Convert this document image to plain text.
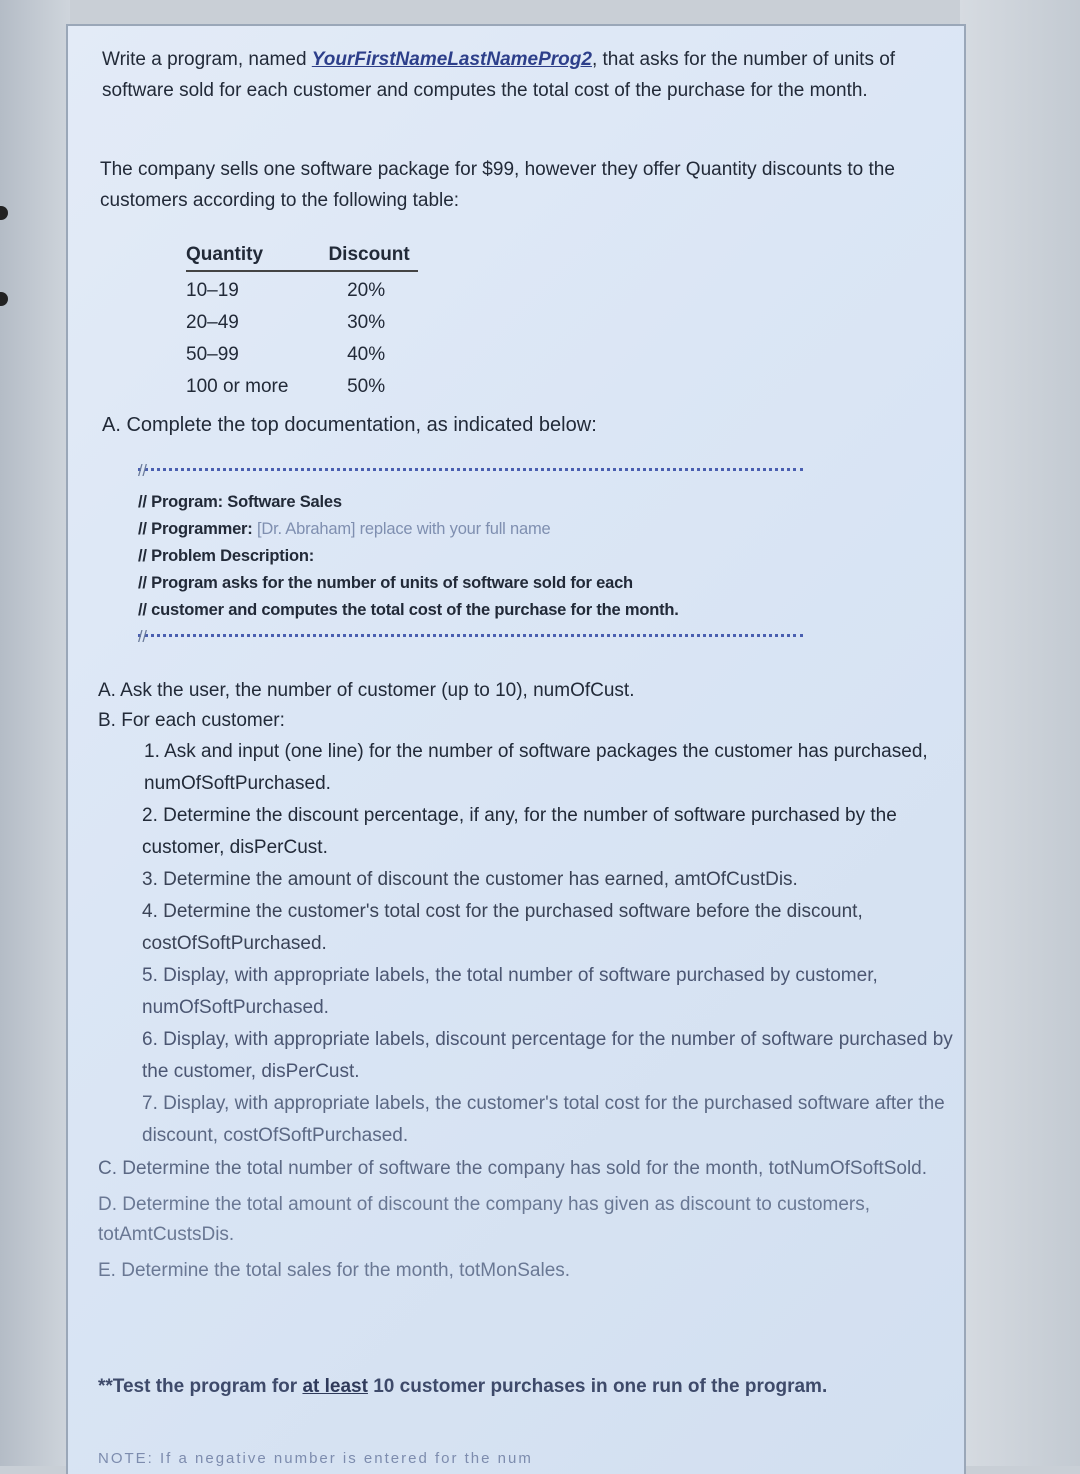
Write a program, named YourFirstNameLastNameProg2, that asks for the number of units of software sold for each customer and computes the total cost of the purchase for the month.

The company sells one software package for $99, however they offer Quantity discounts to the customers according to the following table:

Quantity	Discount
10–19	20%
20–49	30%
50–99	40%
100 or more	50%

A. Complete the top documentation, as indicated below:

//
// Program: Software Sales
// Programmer: [Dr. Abraham] replace with your full name
// Problem Description:
// Program asks for the number of units of software sold for each
// customer and computes the total cost of the purchase for the month.
//
A. Ask the user, the number of customer (up to 10), numOfCust.
B. For each customer:
1. Ask and input (one line) for the number of software packages the customer has purchased, numOfSoftPurchased.
2. Determine the discount percentage, if any, for the number of software purchased by the customer, disPerCust.
3. Determine the amount of discount the customer has earned, amtOfCustDis.
4. Determine the customer's total cost for the purchased software before the discount, costOfSoftPurchased.
5. Display, with appropriate labels, the total number of software purchased by customer, numOfSoftPurchased.
6. Display, with appropriate labels, discount percentage for the number of software purchased by the customer, disPerCust.
7. Display, with appropriate labels, the customer's total cost for the purchased software after the discount, costOfSoftPurchased.
C. Determine the total number of software the company has sold for the month, totNumOfSoftSold.
D. Determine the total amount of discount the company has given as discount to customers, totAmtCustsDis.
E. Determine the total sales for the month, totMonSales.

**Test the program for at least 10 customer purchases in one run of the program.

NOTE: If a negative number is entered for the num
